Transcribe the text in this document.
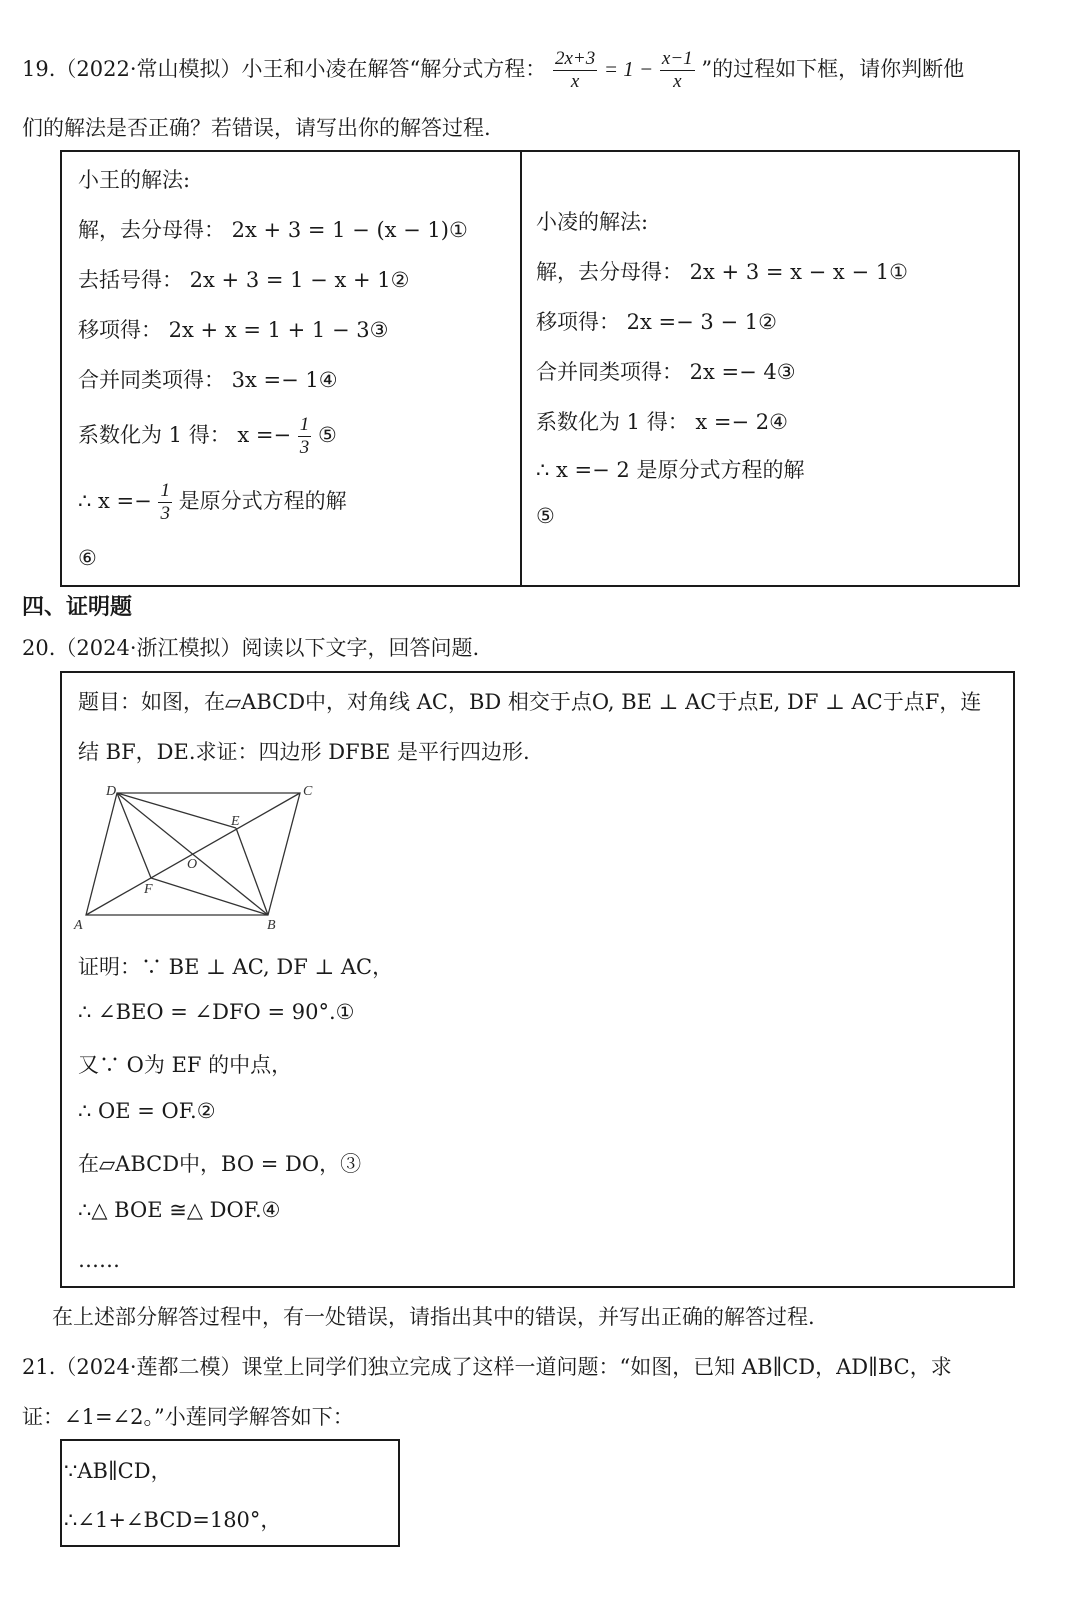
19.（2022·常山模拟）小王和小凌在解答“解分式方程： $\frac{2x+3}{x} = 1 - \frac{x-1}{x}$ ”的过程如下框，请你判断他
们的解法是否正确？若错误，请写出你的解答过程.
小王的解法:
解，去分母得： 2x + 3 = 1 − (x − 1)①
去括号得： 2x + 3 = 1 − x + 1②
移项得： 2x + x = 1 + 1 − 3③
合并同类项得： 3x =− 1④
系数化为 1 得： $x =- \frac{1}{3}$ ⑤
∴ $x =- \frac{1}{3}$ 是原分式方程的解
⑥
小凌的解法:
解，去分母得： 2x + 3 = x − x − 1①
移项得： 2x =− 3 − 1②
合并同类项得： 2x =− 4③
系数化为 1 得： x =− 2④
∴ x =− 2 是原分式方程的解
⑤
四、证明题
20.（2024·浙江模拟）阅读以下文字，回答问题.
题目：如图，在▱ABCD中，对角线 AC，BD 相交于点O, BE ⊥ AC于点E, DF ⊥ AC于点F，连
结 BF，DE.求证：四边形 DFBE 是平行四边形.
A	B
C
D
E
F
O
证明：∵ BE ⊥ AC, DF ⊥ AC，
∴ ∠BEO = ∠DFO = 90°.①
又∵ O为 EF 的中点，
∴ OE = OF.②
在▱ABCD中，BO = DO，③
∴△ BOE ≅△ DOF.④
……
在上述部分解答过程中，有一处错误，请指出其中的错误，并写出正确的解答过程.
21.（2024·莲都二模）课堂上同学们独立完成了这样一道问题：“如图，已知 AB∥CD，AD∥BC，求
证：∠1=∠2。”小莲同学解答如下：
∵AB∥CD，
∴∠1+∠BCD=180°，
